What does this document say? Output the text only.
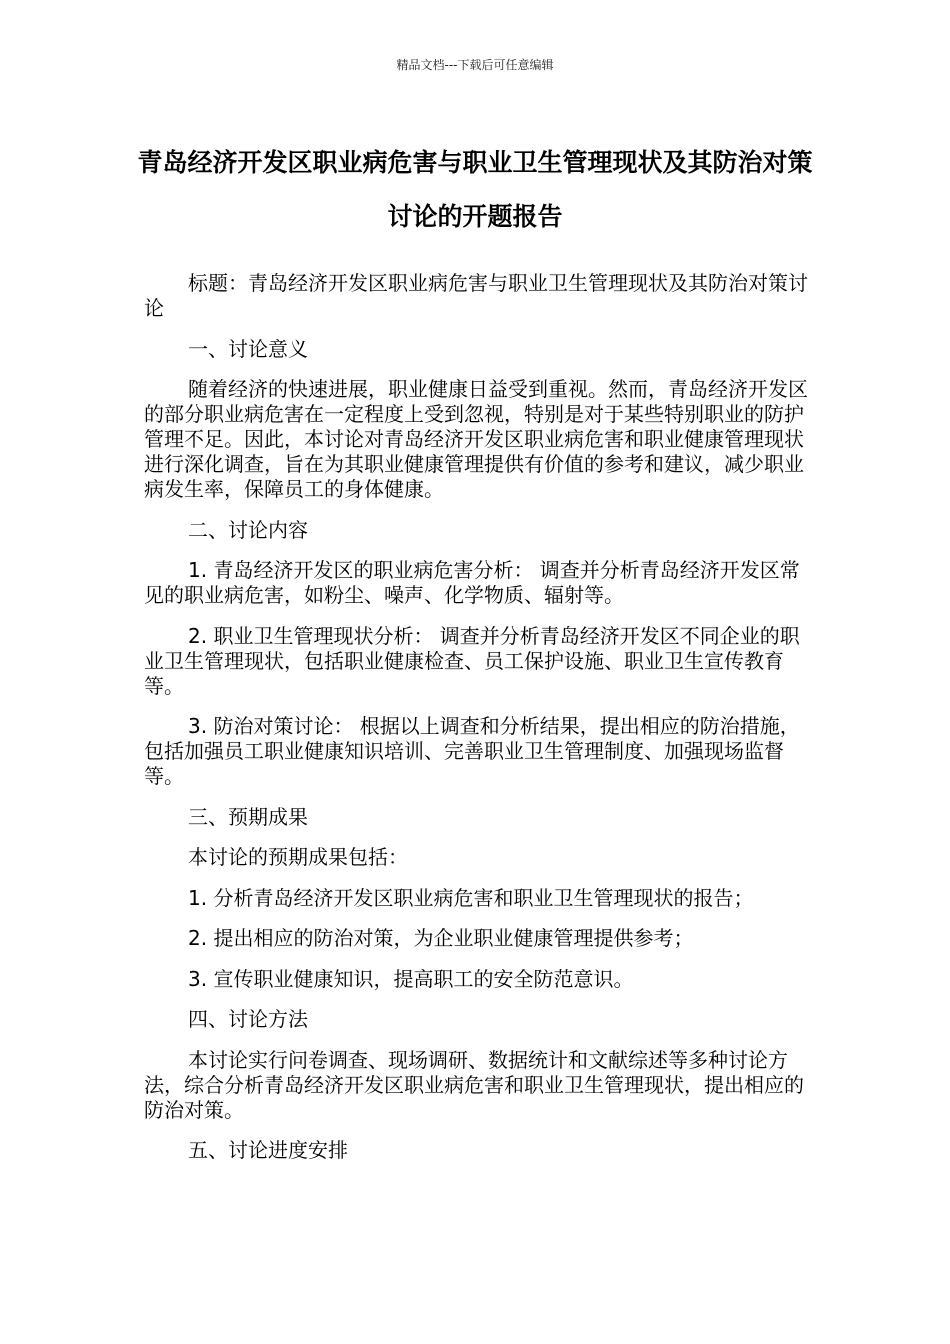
精品文档---下载后可任意编辑
青岛经济开发区职业病危害与职业卫生管理现状及其防治对策讨论的开题报告

标题：青岛经济开发区职业病危害与职业卫生管理现状及其防治对策讨论

一、讨论意义

随着经济的快速进展，职业健康日益受到重视。然而，青岛经济开发区的部分职业病危害在一定程度上受到忽视，特别是对于某些特别职业的防护管理不足。因此，本讨论对青岛经济开发区职业病危害和职业健康管理现状进行深化调查，旨在为其职业健康管理提供有价值的参考和建议，减少职业病发生率，保障员工的身体健康。

二、讨论内容

1. 青岛经济开发区的职业病危害分析： 调查并分析青岛经济开发区常见的职业病危害，如粉尘、噪声、化学物质、辐射等。

2. 职业卫生管理现状分析： 调查并分析青岛经济开发区不同企业的职业卫生管理现状，包括职业健康检查、员工保护设施、职业卫生宣传教育等。

3. 防治对策讨论： 根据以上调查和分析结果，提出相应的防治措施，包括加强员工职业健康知识培训、完善职业卫生管理制度、加强现场监督等。

三、预期成果

本讨论的预期成果包括：

1. 分析青岛经济开发区职业病危害和职业卫生管理现状的报告；

2. 提出相应的防治对策，为企业职业健康管理提供参考；

3. 宣传职业健康知识，提高职工的安全防范意识。

四、讨论方法

本讨论实行问卷调查、现场调研、数据统计和文献综述等多种讨论方法，综合分析青岛经济开发区职业病危害和职业卫生管理现状，提出相应的防治对策。

五、讨论进度安排
